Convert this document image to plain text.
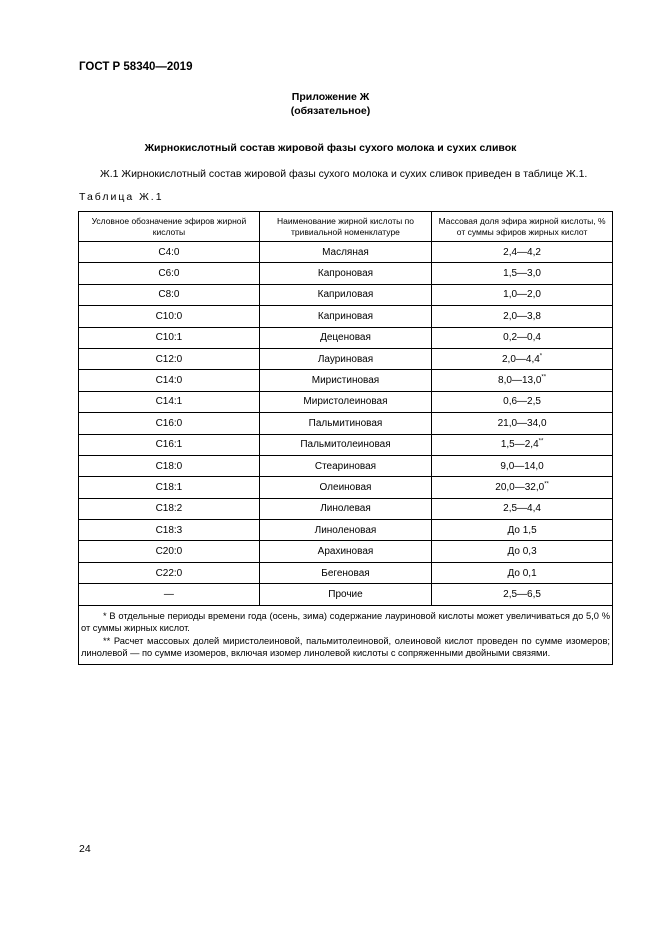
ГОСТ Р 58340—2019
Приложение Ж
(обязательное)
Жирнокислотный состав жировой фазы сухого молока и сухих сливок
Ж.1 Жирнокислотный состав жировой фазы сухого молока и сухих сливок приведен в таблице Ж.1.
Таблица Ж.1
Условное обозначение эфиров жирной кислоты	Наименование жирной кислоты по тривиальной номенклатуре	Массовая доля эфира жирной кислоты, % от суммы эфиров жирных кислот
C4:0	Масляная	2,4—4,2
C6:0	Капроновая	1,5—3,0
C8:0	Каприловая	1,0—2,0
C10:0	Каприновая	2,0—3,8
C10:1	Деценовая	0,2—0,4
C12:0	Лауриновая	2,0—4,4*
C14:0	Миристиновая	8,0—13,0**
C14:1	Миристолеиновая	0,6—2,5
C16:0	Пальмитиновая	21,0—34,0
C16:1	Пальмитолеиновая	1,5—2,4**
C18:0	Стеариновая	9,0—14,0
C18:1	Олеиновая	20,0—32,0**
C18:2	Линолевая	2,5—4,4
C18:3	Линоленовая	До 1,5
C20:0	Арахиновая	До 0,3
C22:0	Бегеновая	До 0,1
—	Прочие	2,5—6,5
* В отдельные периоды времени года (осень, зима) содержание лауриновой кислоты может увеличиваться до 5,0 % от суммы жирных кислот.
** Расчет массовых долей миристолеиновой, пальмитолеиновой, олеиновой кислот проведен по сумме изомеров; линолевой — по сумме изомеров, включая изомер линолевой кислоты с сопряженными двойными связями.
24
